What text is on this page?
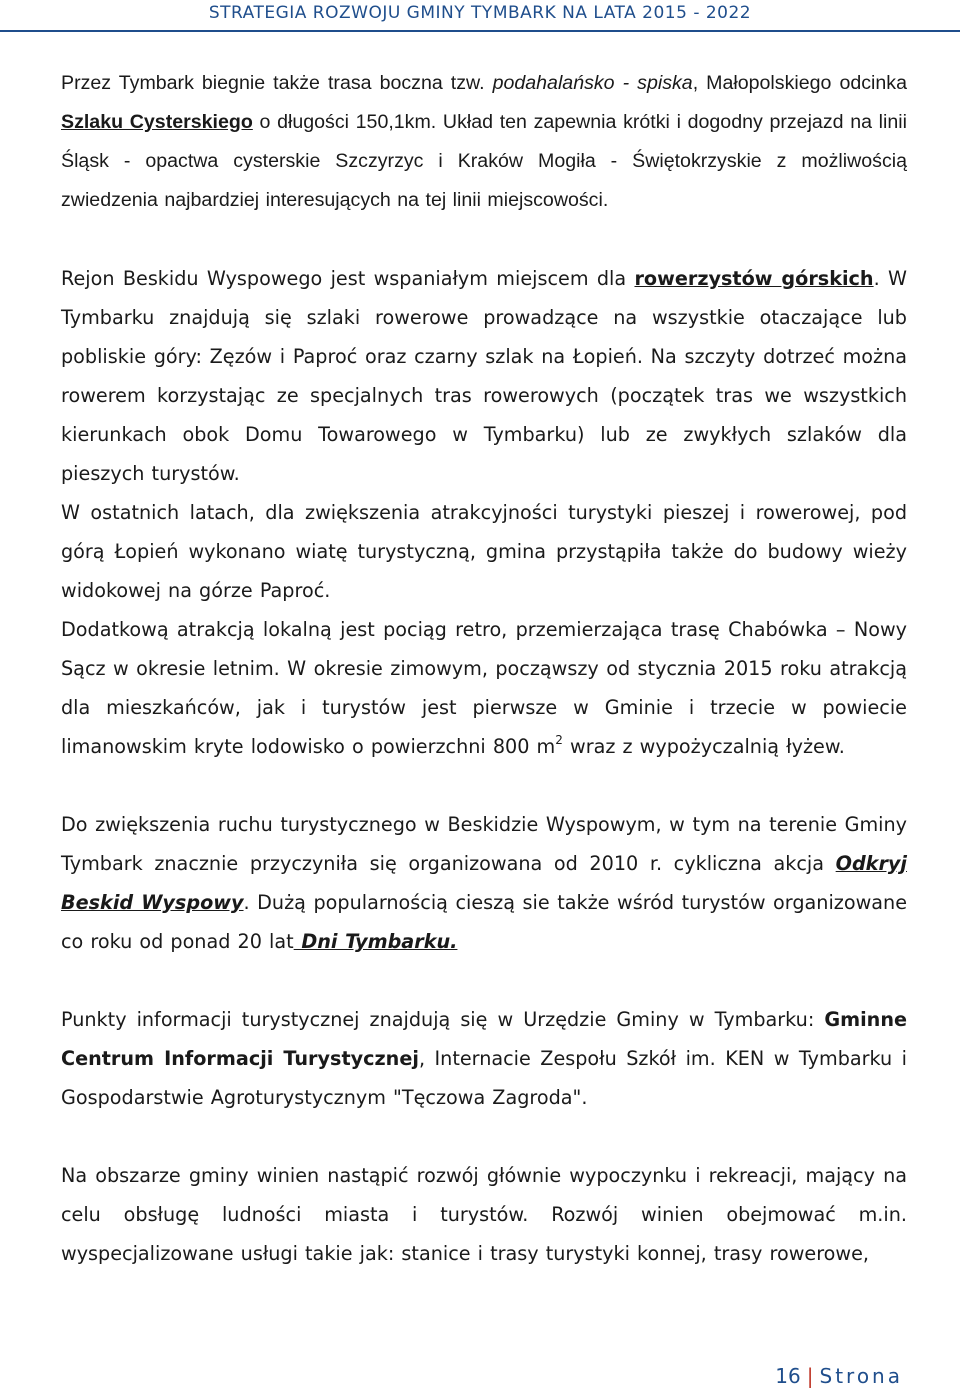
STRATEGIA ROZWOJU GMINY TYMBARK NA LATA 2015 - 2022

Przez Tymbark biegnie także trasa boczna tzw. podahalańsko - spiska, Małopolskiego odcinka Szlaku Cysterskiego o długości 150,1km. Układ ten zapewnia krótki i dogodny przejazd na linii Śląsk - opactwa cysterskie Szczyrzyc i Kraków Mogiła - Świętokrzyskie z możliwością zwiedzenia najbardziej interesujących na tej linii miejscowości.

Rejon Beskidu Wyspowego jest wspaniałym miejscem dla rowerzystów górskich. W Tymbarku znajdują się szlaki rowerowe prowadzące na wszystkie otaczające lub pobliskie góry: Zęzów i Paproć oraz czarny szlak na Łopień. Na szczyty dotrzeć można rowerem korzystając ze specjalnych tras rowerowych (początek tras we wszystkich kierunkach obok Domu Towarowego w Tymbarku) lub ze zwykłych szlaków dla pieszych turystów.

W ostatnich latach, dla zwiększenia atrakcyjności turystyki pieszej i rowerowej, pod górą Łopień wykonano wiatę turystyczną, gmina przystąpiła także do budowy wieży widokowej na górze Paproć.

Dodatkową atrakcją lokalną jest pociąg retro, przemierzająca trasę Chabówka – Nowy Sącz w okresie letnim. W okresie zimowym, począwszy od stycznia 2015 roku atrakcją dla mieszkańców, jak i turystów jest pierwsze w Gminie i trzecie w powiecie limanowskim kryte lodowisko o powierzchni 800 $m^2$ wraz z wypożyczalnią łyżew.

Do zwiększenia ruchu turystycznego w Beskidzie Wyspowym, w tym na terenie Gminy Tymbark znacznie przyczyniła się organizowana od 2010 r. cykliczna akcja Odkryj Beskid Wyspowy. Dużą popularnością cieszą sie także wśród turystów organizowane co roku od ponad 20 lat Dni Tymbarku.

Punkty informacji turystycznej znajdują się w Urzędzie Gminy w Tymbarku: Gminne Centrum Informacji Turystycznej, Internacie Zespołu Szkół im. KEN w Tymbarku i Gospodarstwie Agroturystycznym "Tęczowa Zagroda".

Na obszarze gminy winien nastąpić rozwój głównie wypoczynku i rekreacji, mający na celu obsługę ludności miasta i turystów. Rozwój winien obejmować m.in. wyspecjalizowane usługi takie jak: stanice i trasy turystyki konnej, trasy rowerowe,

16 | Strona
